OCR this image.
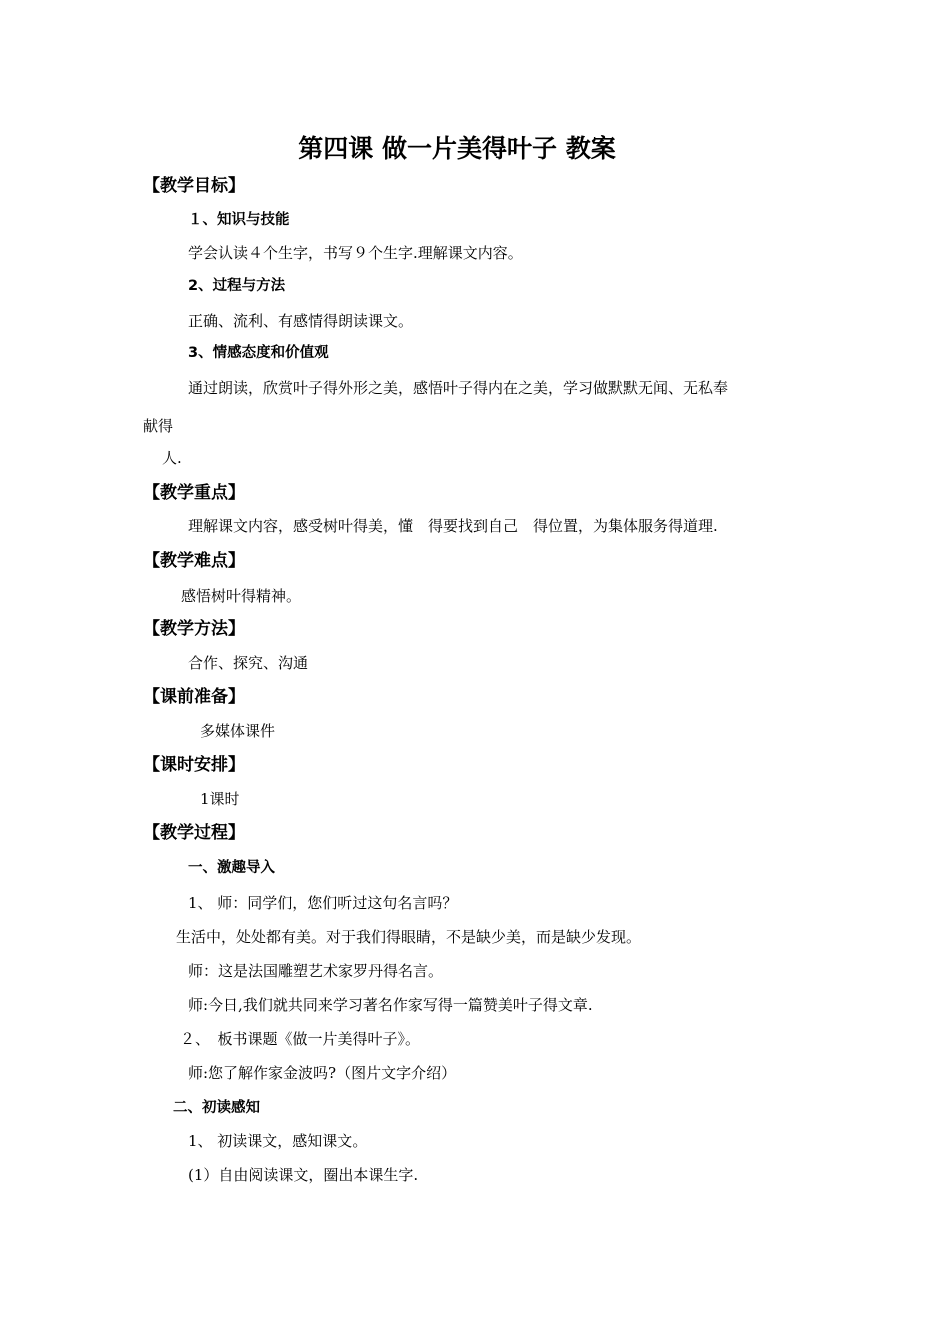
第四课 做一片美得叶子 教案
【教学目标】
１、知识与技能
学会认读４个生字，书写９个生字.理解课文内容。
2、过程与方法
正确、流利、有感情得朗读课文。
3、情感态度和价值观
通过朗读，欣赏叶子得外形之美，感悟叶子得内在之美，学习做默默无闻、无私奉
献得
人.
【教学重点】
理解课文内容，感受树叶得美，懂　得要找到自己　得位置，为集体服务得道理.
【教学难点】
感悟树叶得精神。
【教学方法】
合作、探究、沟通
【课前准备】
多媒体课件
【课时安排】
1课时
【教学过程】
一、激趣导入
1、 师：同学们，您们听过这句名言吗？
生活中，处处都有美。对于我们得眼睛，不是缺少美，而是缺少发现。
师：这是法国雕塑艺术家罗丹得名言。
师:今日,我们就共同来学习著名作家写得一篇赞美叶子得文章.
２、　板书课题《做一片美得叶子》。
师:您了解作家金波吗?（图片文字介绍）
二、初读感知
1、 初读课文，感知课文。
(1）自由阅读课文，圈出本课生字.
